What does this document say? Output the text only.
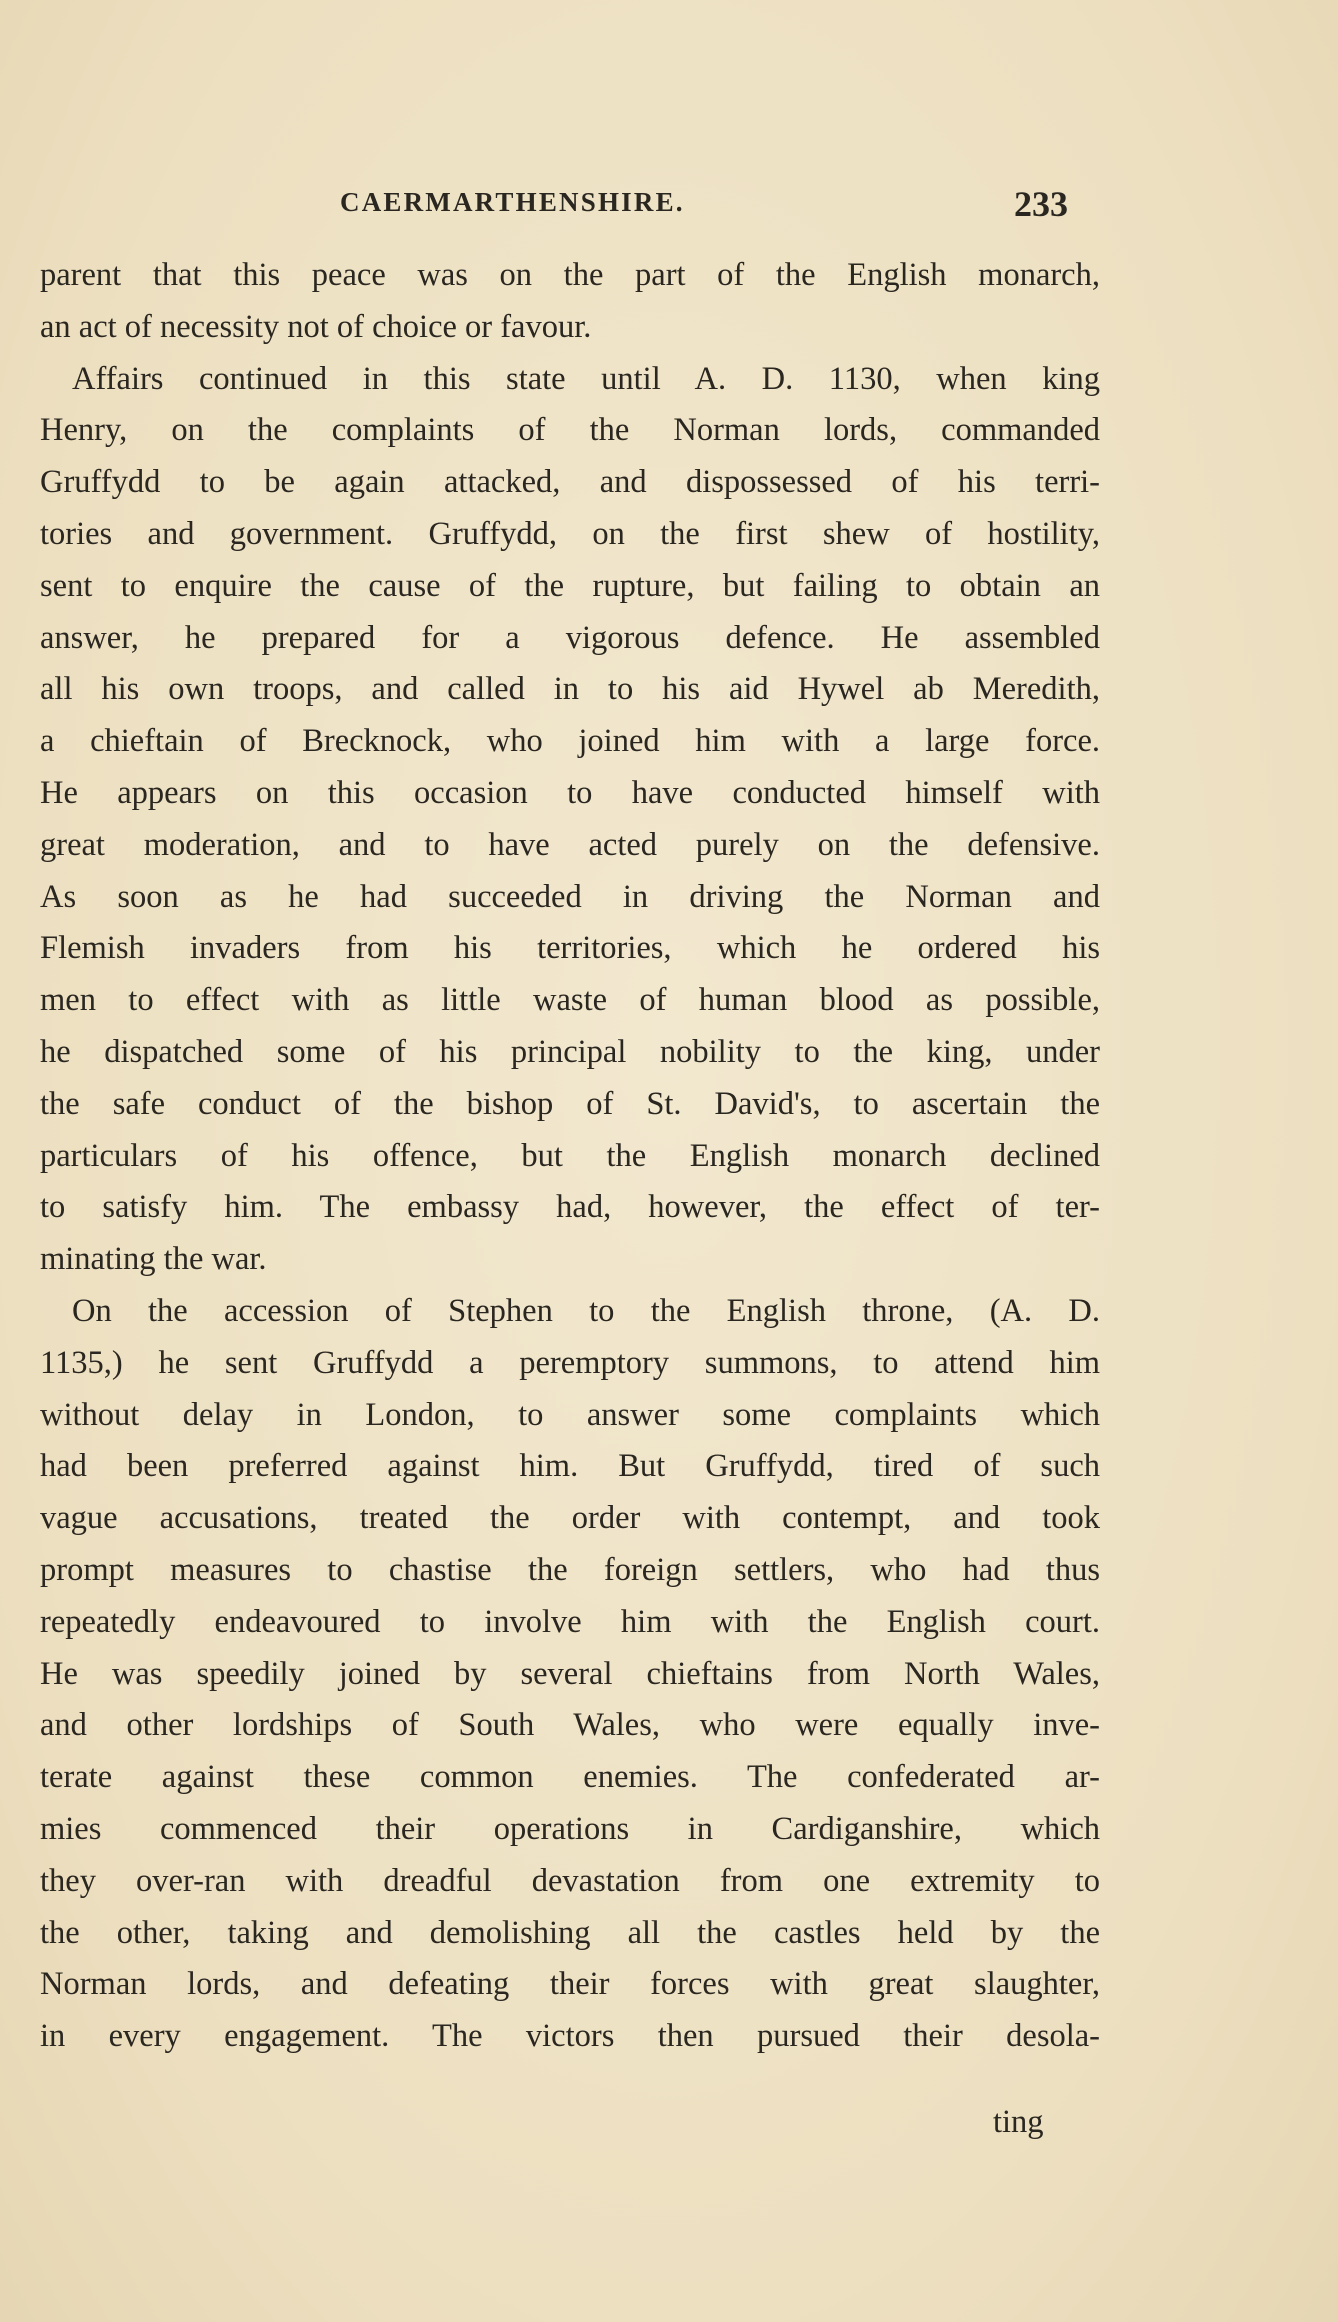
CAERMARTHENSHIRE.	233
parent that this peace was on the part of the English monarch,
an act of necessity not of choice or favour.
Affairs continued in this state until A. D. 1130, when king
Henry, on the complaints of the Norman lords, commanded
Gruffydd to be again attacked, and dispossessed of his terri-
tories and government. Gruffydd, on the first shew of hostility,
sent to enquire the cause of the rupture, but failing to obtain an
answer, he prepared for a vigorous defence. He assembled
all his own troops, and called in to his aid Hywel ab Meredith,
a chieftain of Brecknock, who joined him with a large force.
He appears on this occasion to have conducted himself with
great moderation, and to have acted purely on the defensive.
As soon as he had succeeded in driving the Norman and
Flemish invaders from his territories, which he ordered his
men to effect with as little waste of human blood as possible,
he dispatched some of his principal nobility to the king, under
the safe conduct of the bishop of St. David's, to ascertain the
particulars of his offence, but the English monarch declined
to satisfy him. The embassy had, however, the effect of ter-
minating the war.
On the accession of Stephen to the English throne, (A. D.
1135,) he sent Gruffydd a peremptory summons, to attend him
without delay in London, to answer some complaints which
had been preferred against him. But Gruffydd, tired of such
vague accusations, treated the order with contempt, and took
prompt measures to chastise the foreign settlers, who had thus
repeatedly endeavoured to involve him with the English court.
He was speedily joined by several chieftains from North Wales,
and other lordships of South Wales, who were equally inve-
terate against these common enemies. The confederated ar-
mies commenced their operations in Cardiganshire, which
they over-ran with dreadful devastation from one extremity to
the other, taking and demolishing all the castles held by the
Norman lords, and defeating their forces with great slaughter,
in every engagement. The victors then pursued their desola-
ting
